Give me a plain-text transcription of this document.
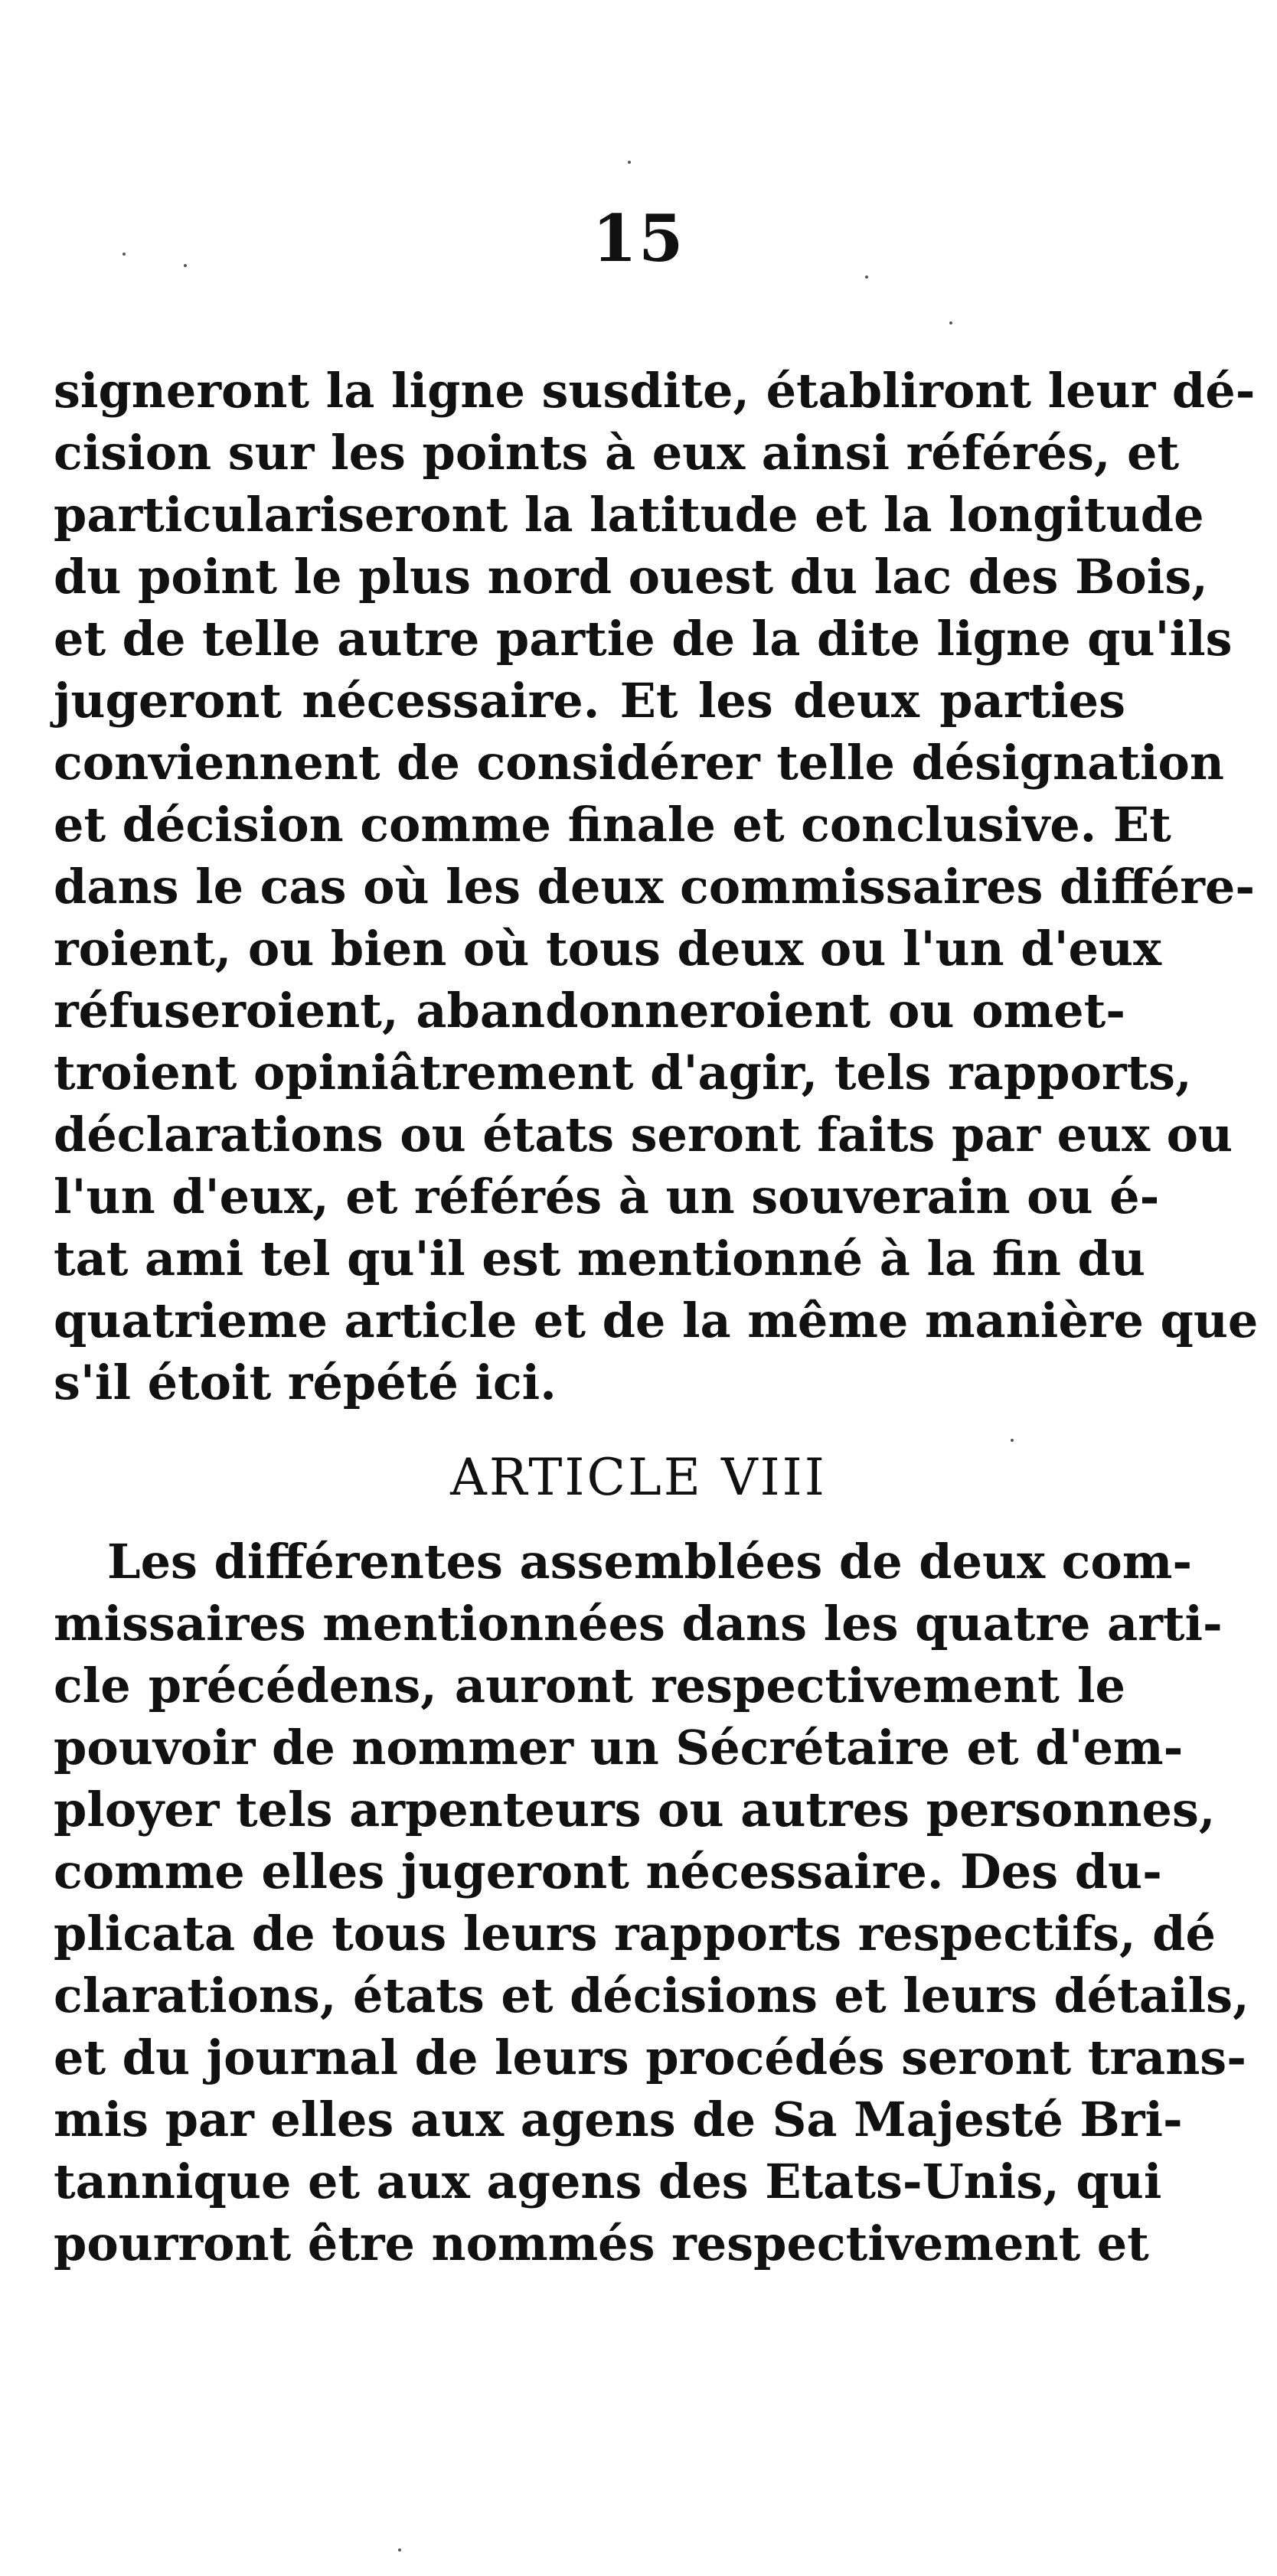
15
signeront la ligne susdite, établiront leur dé-
cision sur les points à eux ainsi référés, et
particulariseront la latitude et la longitude
du point le plus nord ouest du lac des Bois,
et de telle autre partie de la dite ligne qu'ils
jugeront nécessaire. Et les deux parties
conviennent de considérer telle désignation
et décision comme finale et conclusive. Et
dans le cas où les deux commissaires différe-
roient, ou bien où tous deux ou l'un d'eux
réfuseroient, abandonneroient ou omet-
troient opiniâtrement d'agir, tels rapports,
déclarations ou états seront faits par eux ou
l'un d'eux, et référés à un souverain ou é-
tat ami tel qu'il est mentionné à la fin du
quatrieme article et de la même manière que
s'il étoit répété ici.
ARTICLE VIII
Les différentes assemblées de deux com-
missaires mentionnées dans les quatre arti-
cle précédens, auront respectivement le
pouvoir de nommer un Sécrétaire et d'em-
ployer tels arpenteurs ou autres personnes,
comme elles jugeront nécessaire. Des du-
plicata de tous leurs rapports respectifs, dé
clarations, états et décisions et leurs détails,
et du journal de leurs procédés seront trans-
mis par elles aux agens de Sa Majesté Bri-
tannique et aux agens des Etats-Unis, qui
pourront être nommés respectivement et
